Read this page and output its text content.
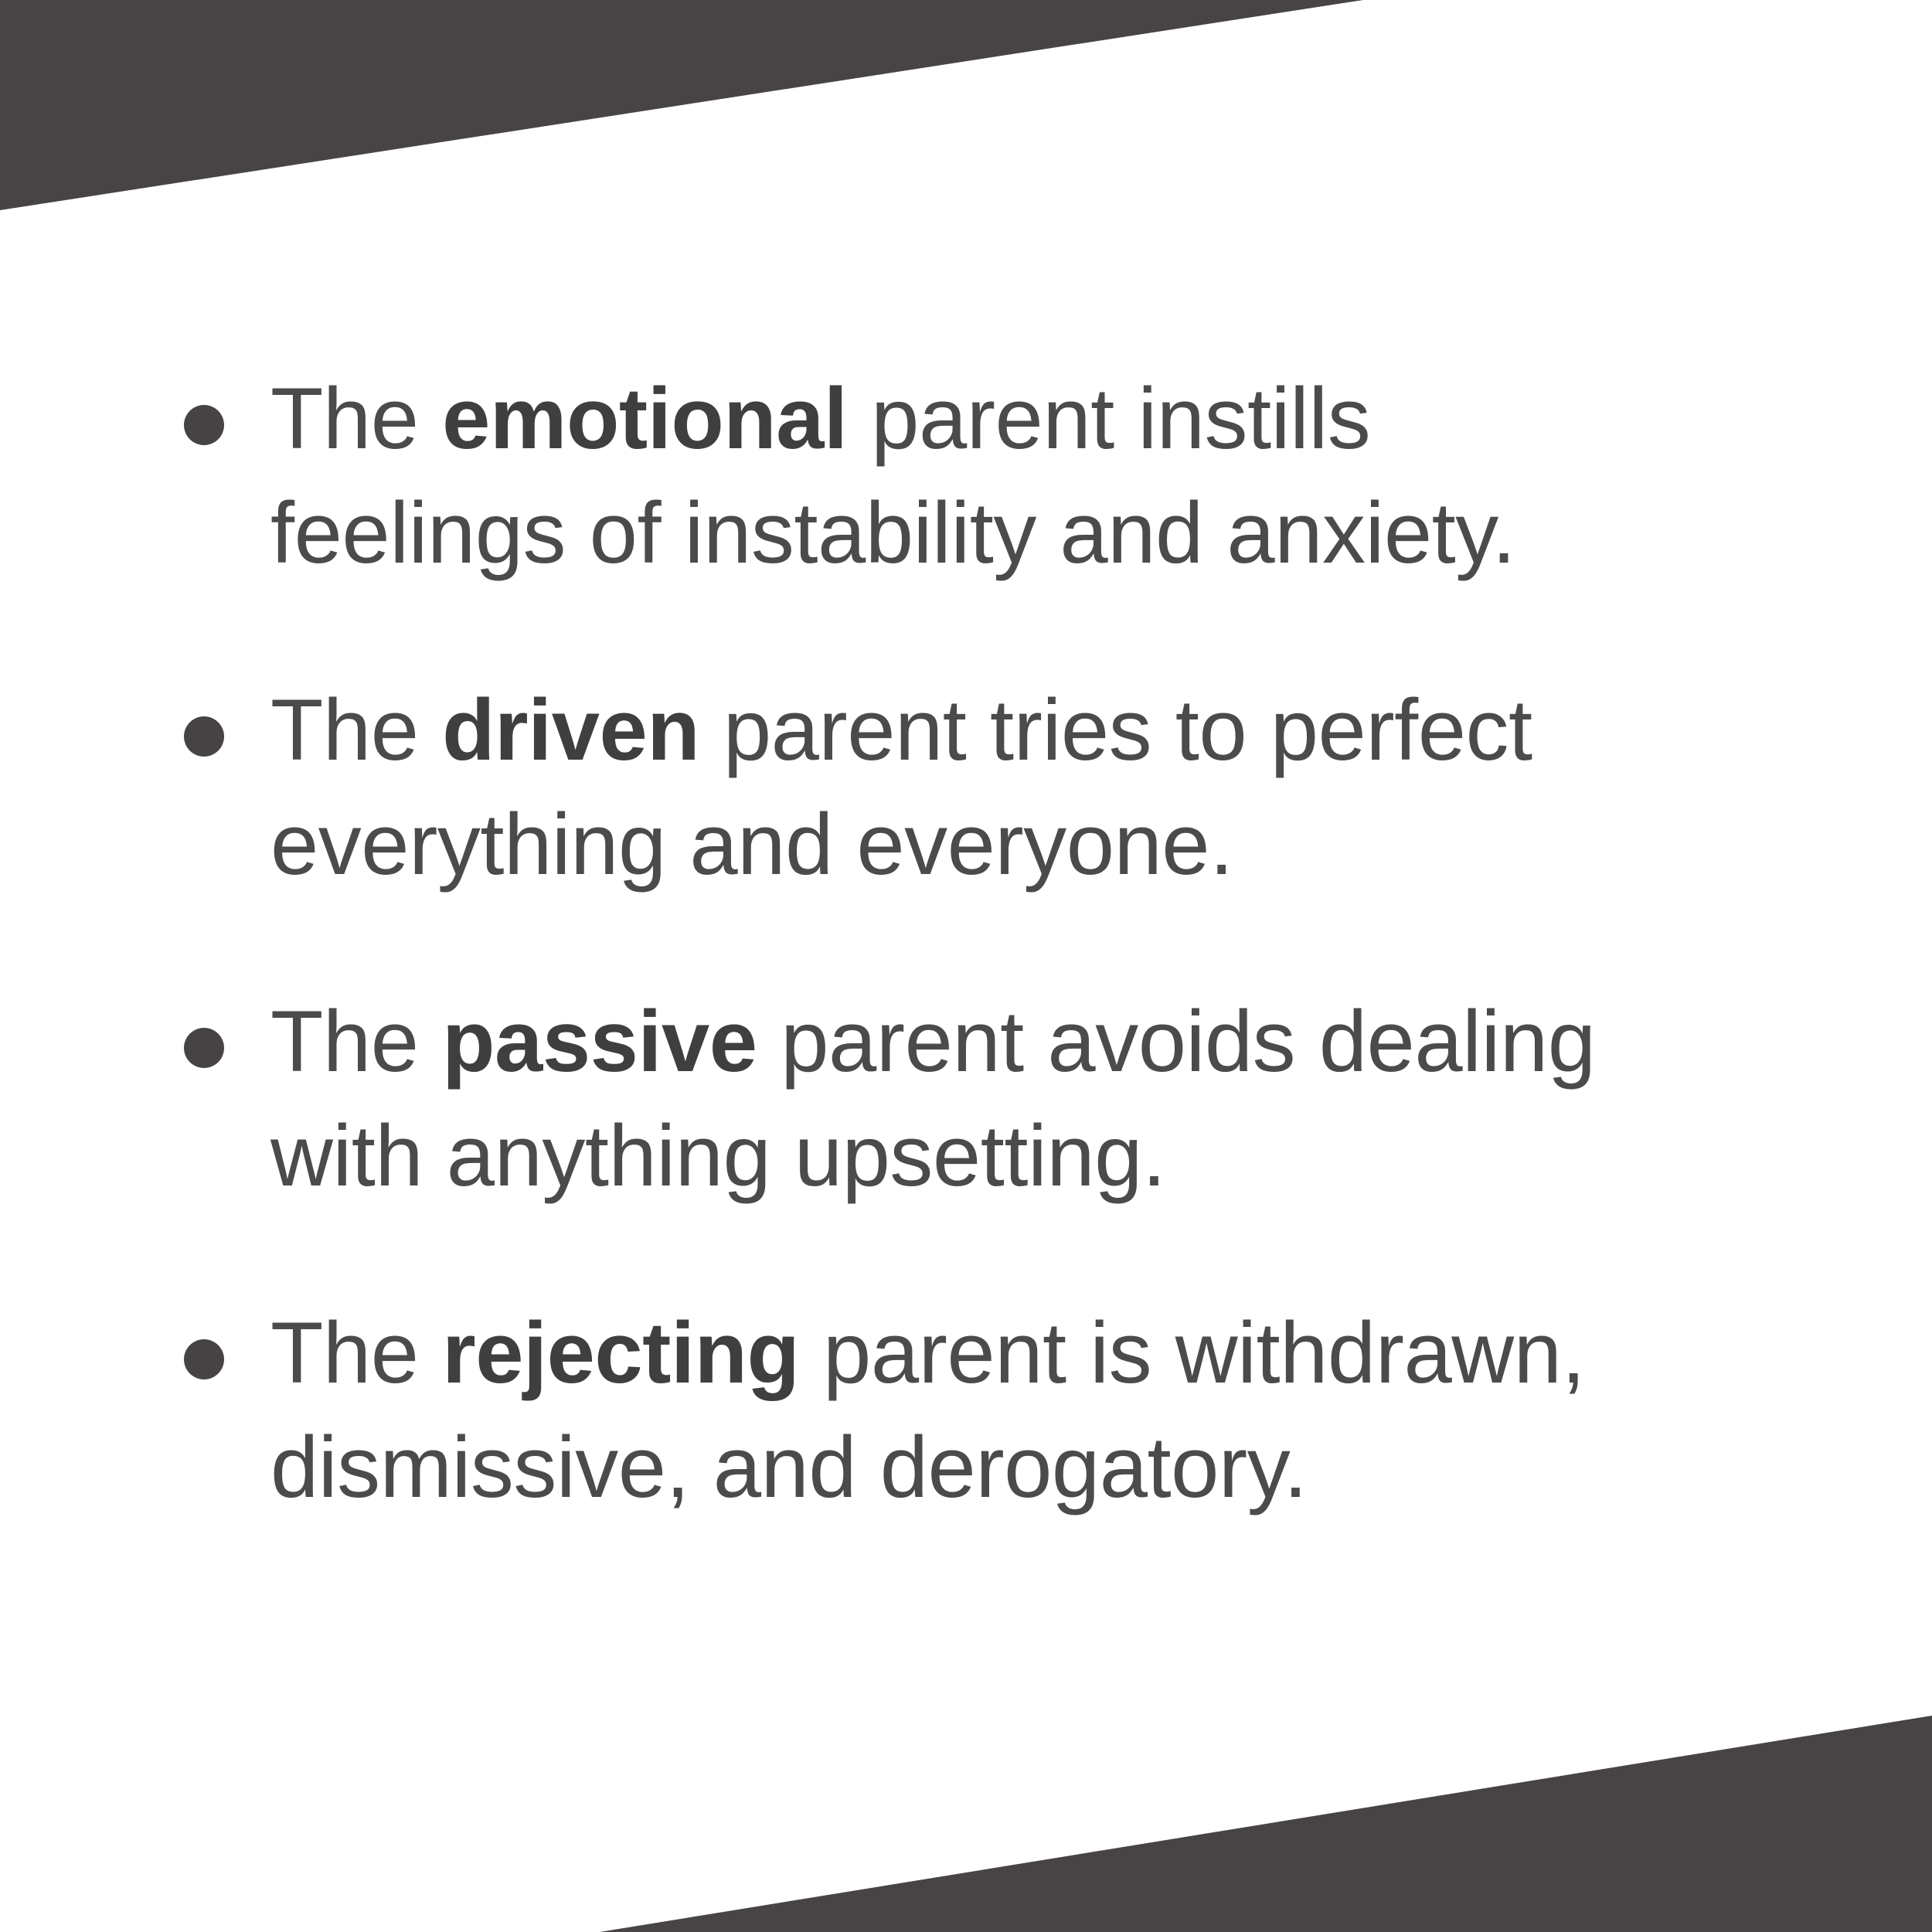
The emotional parent instills
feelings of instability and anxiety.
The driven parent tries to perfect
everything and everyone.
The passive parent avoids dealing
with anything upsetting.
The rejecting parent is withdrawn,
dismissive, and derogatory.
